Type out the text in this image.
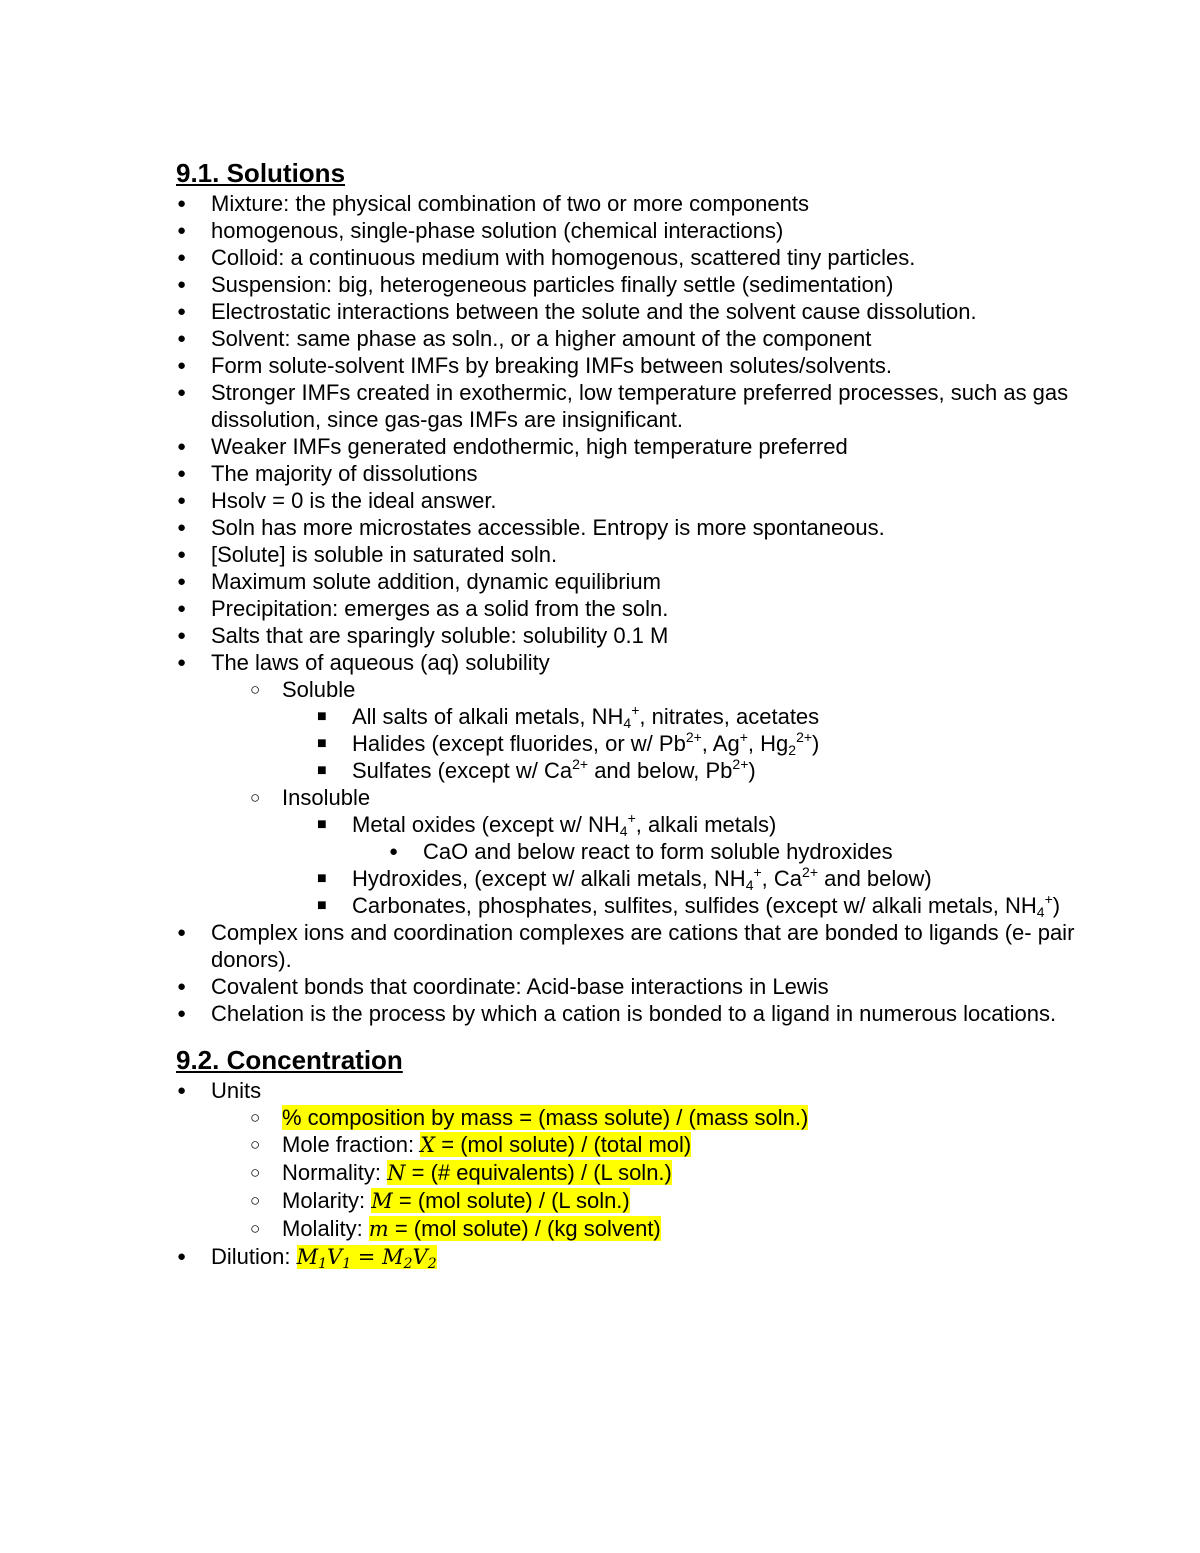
9.1. Solutions
● Mixture: the physical combination of two or more components
● homogenous, single-phase solution (chemical interactions)
● Colloid: a continuous medium with homogenous, scattered tiny particles.
● Suspension: big, heterogeneous particles finally settle (sedimentation)
● Electrostatic interactions between the solute and the solvent cause dissolution.
● Solvent: same phase as soln., or a higher amount of the component
● Form solute-solvent IMFs by breaking IMFs between solutes/solvents.
● Stronger IMFs created in exothermic, low temperature preferred processes, such as gas dissolution, since gas-gas IMFs are insignificant.
● Weaker IMFs generated endothermic, high temperature preferred
● The majority of dissolutions
● Hsolv = 0 is the ideal answer.
● Soln has more microstates accessible. Entropy is more spontaneous.
● [Solute] is soluble in saturated soln.
● Maximum solute addition, dynamic equilibrium
● Precipitation: emerges as a solid from the soln.
● Salts that are sparingly soluble: solubility 0.1 M
● The laws of aqueous (aq) solubility
○ Soluble
■ All salts of alkali metals, $NH_4^+$, nitrates, acetates
■ Halides (except fluorides, or w/ $Pb^{2+}$, Ag+, $Hg_2^{2+}$)
■ Sulfates (except w/ $Ca^{2+}$ and below, $Pb^{2+}$)
○ Insoluble
■ Metal oxides (except w/ $NH_4^+$, alkali metals)
● CaO and below react to form soluble hydroxides
■ Hydroxides, (except w/ alkali metals, $NH_4^+$, $Ca^{2+}$ and below)
■ Carbonates, phosphates, sulfites, sulfides (except w/ alkali metals, $NH_4^+$)
● Complex ions and coordination complexes are cations that are bonded to ligands (e- pair donors).
● Covalent bonds that coordinate: Acid-base interactions in Lewis
● Chelation is the process by which a cation is bonded to a ligand in numerous locations.
9.2. Concentration
● Units
○ % composition by mass = (mass solute) / (mass soln.)
○ Mole fraction: X = (mol solute) / (total mol)
○ Normality: N = (# equivalents) / (L soln.)
○ Molarity: M = (mol solute) / (L soln.)
○ Molality: m = (mol solute) / (kg solvent)
● Dilution: $M_1V_1 = M_2V_2$
